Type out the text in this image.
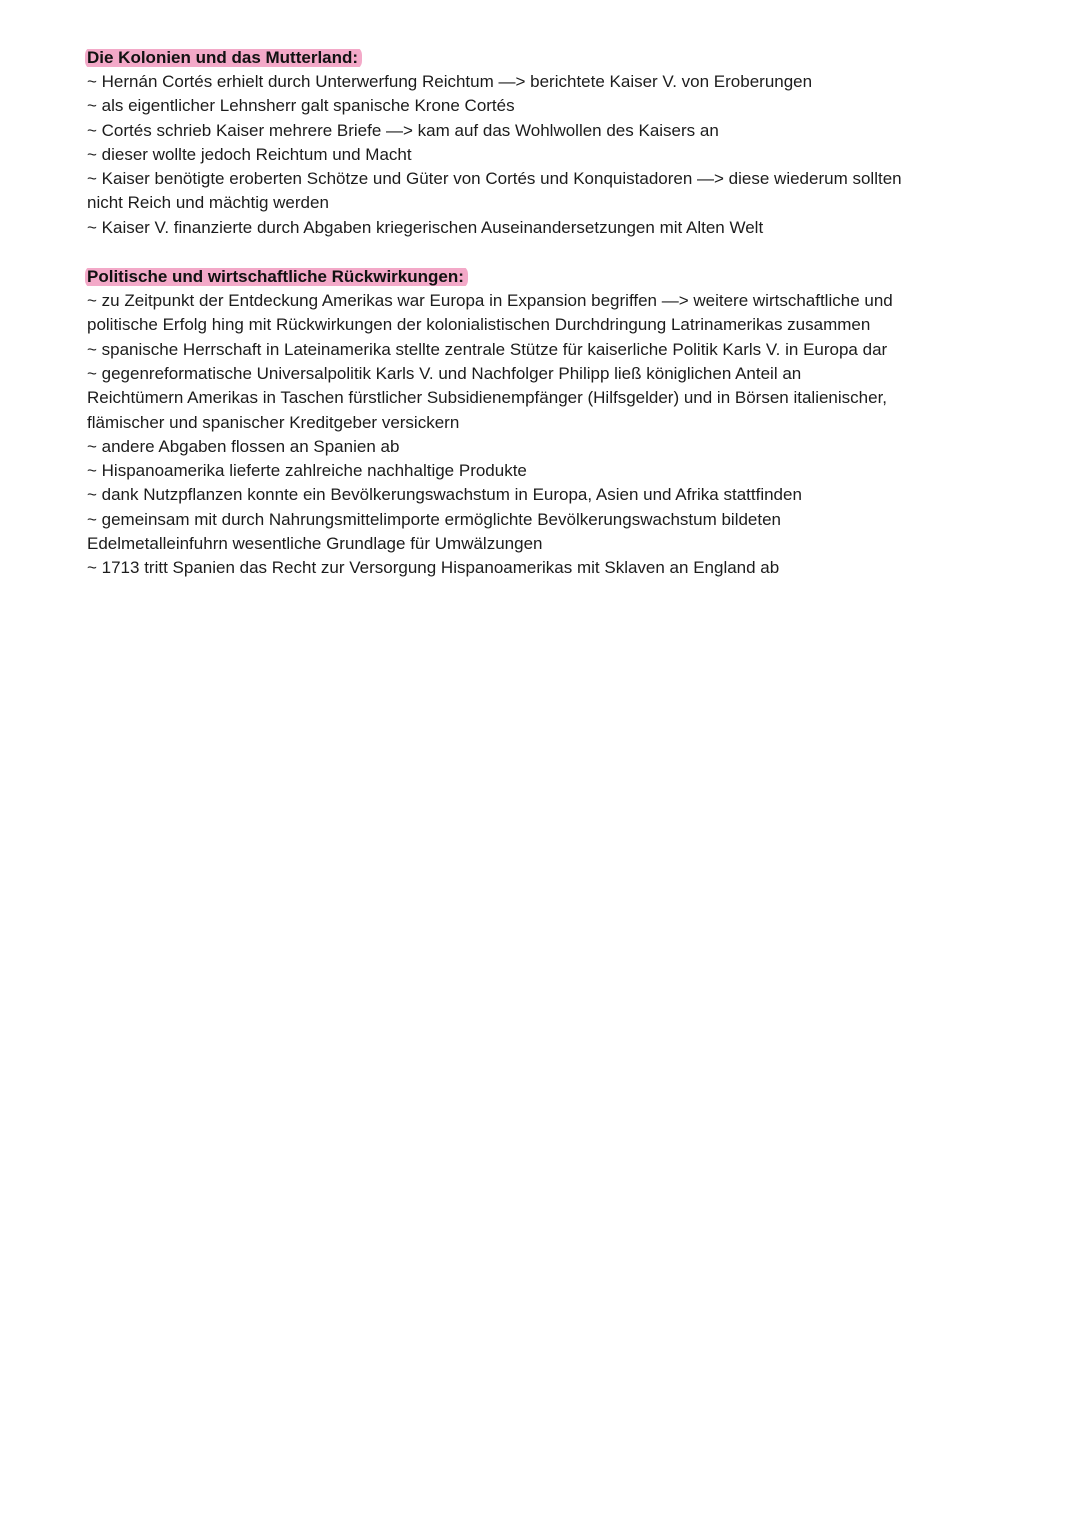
Die Kolonien und das Mutterland:
~ Hernán Cortés erhielt durch Unterwerfung Reichtum —> berichtete Kaiser V. von Eroberungen
~ als eigentlicher Lehnsherr galt spanische Krone Cortés
~ Cortés schrieb Kaiser mehrere Briefe —> kam auf das Wohlwollen des Kaisers an
~ dieser wollte jedoch Reichtum und Macht
~ Kaiser benötigte eroberten Schötze und Güter von Cortés und Konquistadoren —> diese wiederum sollten
nicht Reich und mächtig werden
~ Kaiser V. finanzierte durch Abgaben kriegerischen Auseinandersetzungen mit Alten Welt
Politische und wirtschaftliche Rückwirkungen:
~ zu Zeitpunkt der Entdeckung Amerikas war Europa in Expansion begriffen —> weitere wirtschaftliche und
politische Erfolg hing mit Rückwirkungen der kolonialistischen Durchdringung Latrinamerikas zusammen
~ spanische Herrschaft in Lateinamerika stellte zentrale Stütze für kaiserliche Politik Karls V. in Europa dar
~ gegenreformatische Universalpolitik Karls V. und Nachfolger Philipp ließ königlichen Anteil an
Reichtümern Amerikas in Taschen fürstlicher Subsidienempfänger (Hilfsgelder) und in Börsen italienischer,
flämischer und spanischer Kreditgeber versickern
~ andere Abgaben flossen an Spanien ab
~ Hispanoamerika lieferte zahlreiche nachhaltige Produkte
~ dank Nutzpflanzen konnte ein Bevölkerungswachstum in Europa, Asien und Afrika stattfinden
~ gemeinsam mit durch Nahrungsmittelimporte ermöglichte Bevölkerungswachstum bildeten
Edelmetalleinfuhrn wesentliche Grundlage für Umwälzungen
~ 1713 tritt Spanien das Recht zur Versorgung Hispanoamerikas mit Sklaven an England ab
